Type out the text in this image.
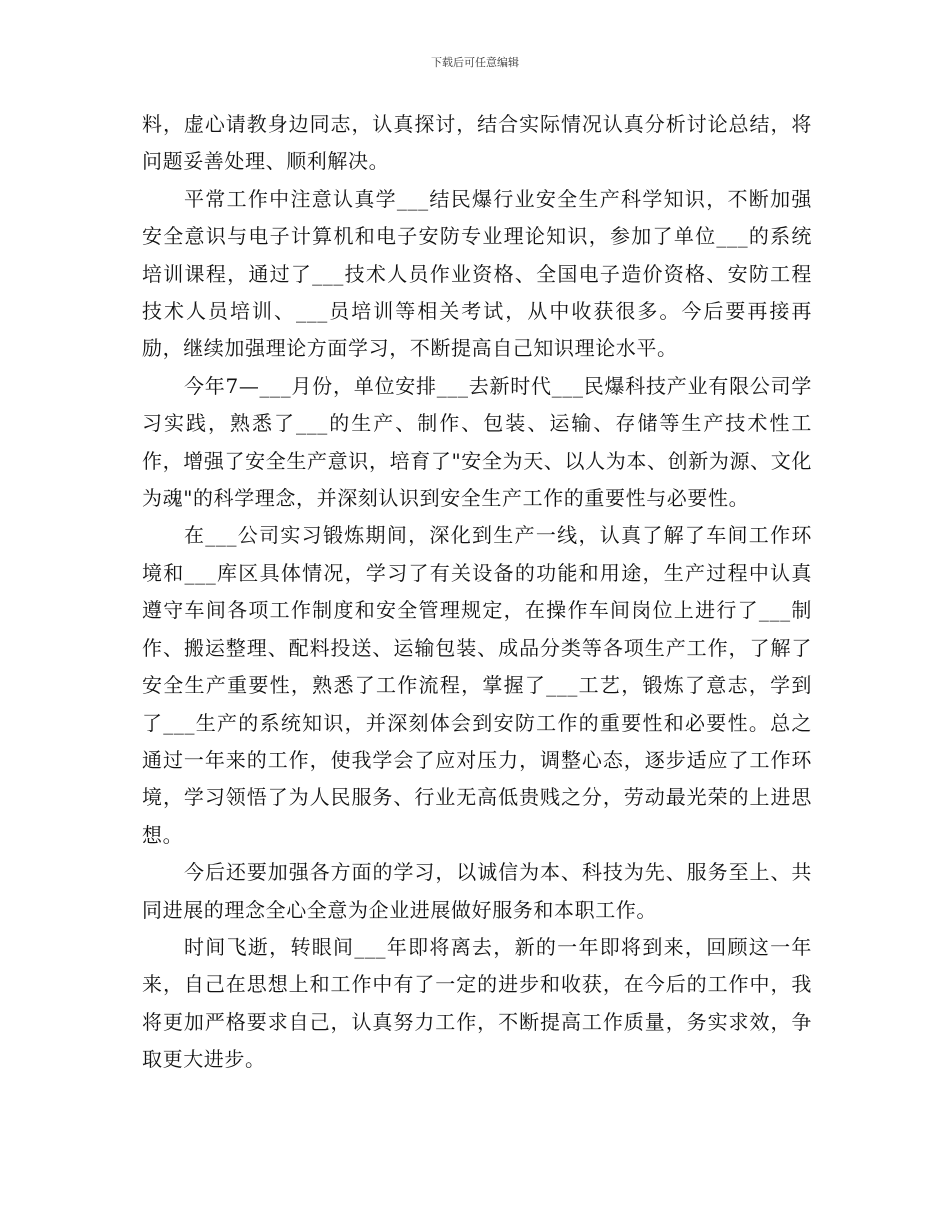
下载后可任意编辑

料，虚心请教身边同志，认真探讨，结合实际情况认真分析讨论总结，将问题妥善处理、顺利解决。

平常工作中注意认真学___结民爆行业安全生产科学知识，不断加强安全意识与电子计算机和电子安防专业理论知识，参加了单位___的系统培训课程，通过了___技术人员作业资格、全国电子造价资格、安防工程技术人员培训、___员培训等相关考试，从中收获很多。今后要再接再励，继续加强理论方面学习，不断提高自己知识理论水平。

今年7—___月份，单位安排___去新时代___民爆科技产业有限公司学习实践，熟悉了___的生产、制作、包装、运输、存储等生产技术性工作，增强了安全生产意识，培育了"安全为天、以人为本、创新为源、文化为魂"的科学理念，并深刻认识到安全生产工作的重要性与必要性。

在___公司实习锻炼期间，深化到生产一线，认真了解了车间工作环境和___库区具体情况，学习了有关设备的功能和用途，生产过程中认真遵守车间各项工作制度和安全管理规定，在操作车间岗位上进行了___制作、搬运整理、配料投送、运输包装、成品分类等各项生产工作，了解了安全生产重要性，熟悉了工作流程，掌握了___工艺，锻炼了意志，学到了___生产的系统知识，并深刻体会到安防工作的重要性和必要性。总之通过一年来的工作，使我学会了应对压力，调整心态，逐步适应了工作环境，学习领悟了为人民服务、行业无高低贵贱之分，劳动最光荣的上进思想。

今后还要加强各方面的学习，以诚信为本、科技为先、服务至上、共同进展的理念全心全意为企业进展做好服务和本职工作。

时间飞逝，转眼间___年即将离去，新的一年即将到来，回顾这一年来，自己在思想上和工作中有了一定的进步和收获，在今后的工作中，我将更加严格要求自己，认真努力工作，不断提高工作质量，务实求效，争取更大进步。
